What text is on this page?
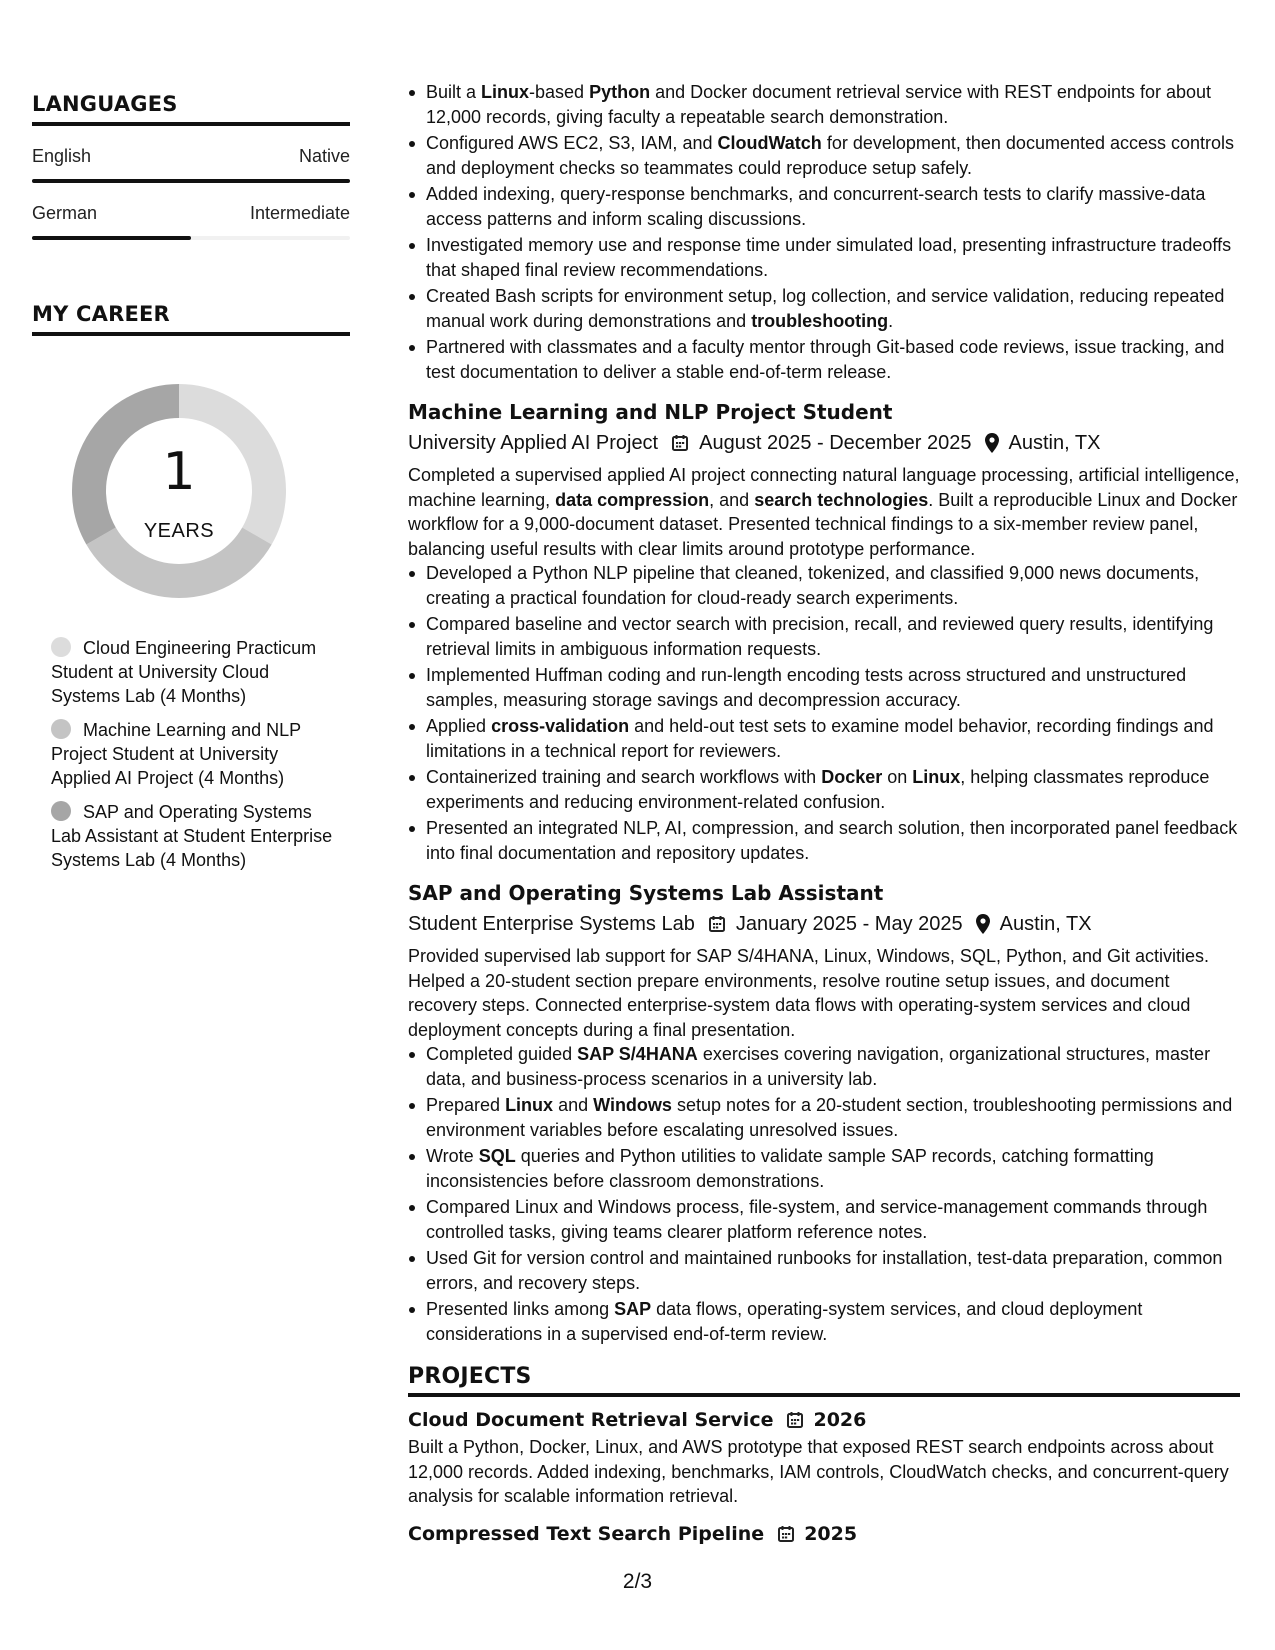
LANGUAGES
English	Native
German	Intermediate
MY CAREER
1
YEARS
Cloud Engineering Practicum Student at University Cloud Systems Lab (4 Months)
Machine Learning and NLP Project Student at University Applied AI Project (4 Months)
SAP and Operating Systems Lab Assistant at Student Enterprise Systems Lab (4 Months)
Built a Linux-based Python and Docker document retrieval service with REST endpoints for about 12,000 records, giving faculty a repeatable search demonstration.
Configured AWS EC2, S3, IAM, and CloudWatch for development, then documented access controls and deployment checks so teammates could reproduce setup safely.
Added indexing, query-response benchmarks, and concurrent-search tests to clarify massive-data access patterns and inform scaling discussions.
Investigated memory use and response time under simulated load, presenting infrastructure tradeoffs that shaped final review recommendations.
Created Bash scripts for environment setup, log collection, and service validation, reducing repeated manual work during demonstrations and troubleshooting.
Partnered with classmates and a faculty mentor through Git-based code reviews, issue tracking, and test documentation to deliver a stable end-of-term release.
Machine Learning and NLP Project Student
University Applied AI Project August 2025 - December 2025 Austin, TX
Completed a supervised applied AI project connecting natural language processing, artificial intelligence, machine learning, data compression, and search technologies. Built a reproducible Linux and Docker workflow for a 9,000-document dataset. Presented technical findings to a six-member review panel, balancing useful results with clear limits around prototype performance.
Developed a Python NLP pipeline that cleaned, tokenized, and classified 9,000 news documents, creating a practical foundation for cloud-ready search experiments.
Compared baseline and vector search with precision, recall, and reviewed query results, identifying retrieval limits in ambiguous information requests.
Implemented Huffman coding and run-length encoding tests across structured and unstructured samples, measuring storage savings and decompression accuracy.
Applied cross-validation and held-out test sets to examine model behavior, recording findings and limitations in a technical report for reviewers.
Containerized training and search workflows with Docker on Linux, helping classmates reproduce experiments and reducing environment-related confusion.
Presented an integrated NLP, AI, compression, and search solution, then incorporated panel feedback into final documentation and repository updates.
SAP and Operating Systems Lab Assistant
Student Enterprise Systems Lab January 2025 - May 2025 Austin, TX
Provided supervised lab support for SAP S/4HANA, Linux, Windows, SQL, Python, and Git activities. Helped a 20-student section prepare environments, resolve routine setup issues, and document recovery steps. Connected enterprise-system data flows with operating-system services and cloud deployment concepts during a final presentation.
Completed guided SAP S/4HANA exercises covering navigation, organizational structures, master data, and business-process scenarios in a university lab.
Prepared Linux and Windows setup notes for a 20-student section, troubleshooting permissions and environment variables before escalating unresolved issues.
Wrote SQL queries and Python utilities to validate sample SAP records, catching formatting inconsistencies before classroom demonstrations.
Compared Linux and Windows process, file-system, and service-management commands through controlled tasks, giving teams clearer platform reference notes.
Used Git for version control and maintained runbooks for installation, test-data preparation, common errors, and recovery steps.
Presented links among SAP data flows, operating-system services, and cloud deployment considerations in a supervised end-of-term review.
PROJECTS
Cloud Document Retrieval Service 2026
Built a Python, Docker, Linux, and AWS prototype that exposed REST search endpoints across about 12,000 records. Added indexing, benchmarks, IAM controls, CloudWatch checks, and concurrent-query analysis for scalable information retrieval.
Compressed Text Search Pipeline 2025
2/3
